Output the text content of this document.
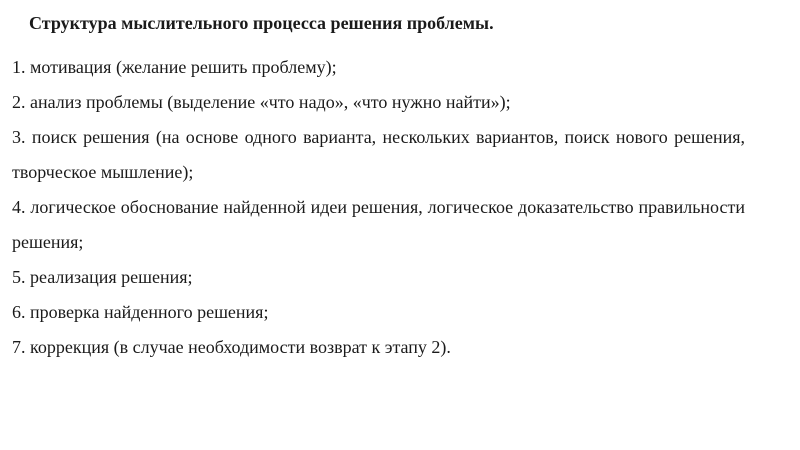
Структура мыслительного процесса решения проблемы.

1. мотивация (желание решить проблему);

2. анализ проблемы (выделение «что надо», «что нужно найти»);

3. поиск решения (на основе одного варианта, нескольких вариантов, поиск нового решения, творческое мышление);

4. логическое обоснование найденной идеи решения, логическое доказательство правильности решения;

5. реализация решения;

6. проверка найденного решения;

7. коррекция (в случае необходимости возврат к этапу 2).
